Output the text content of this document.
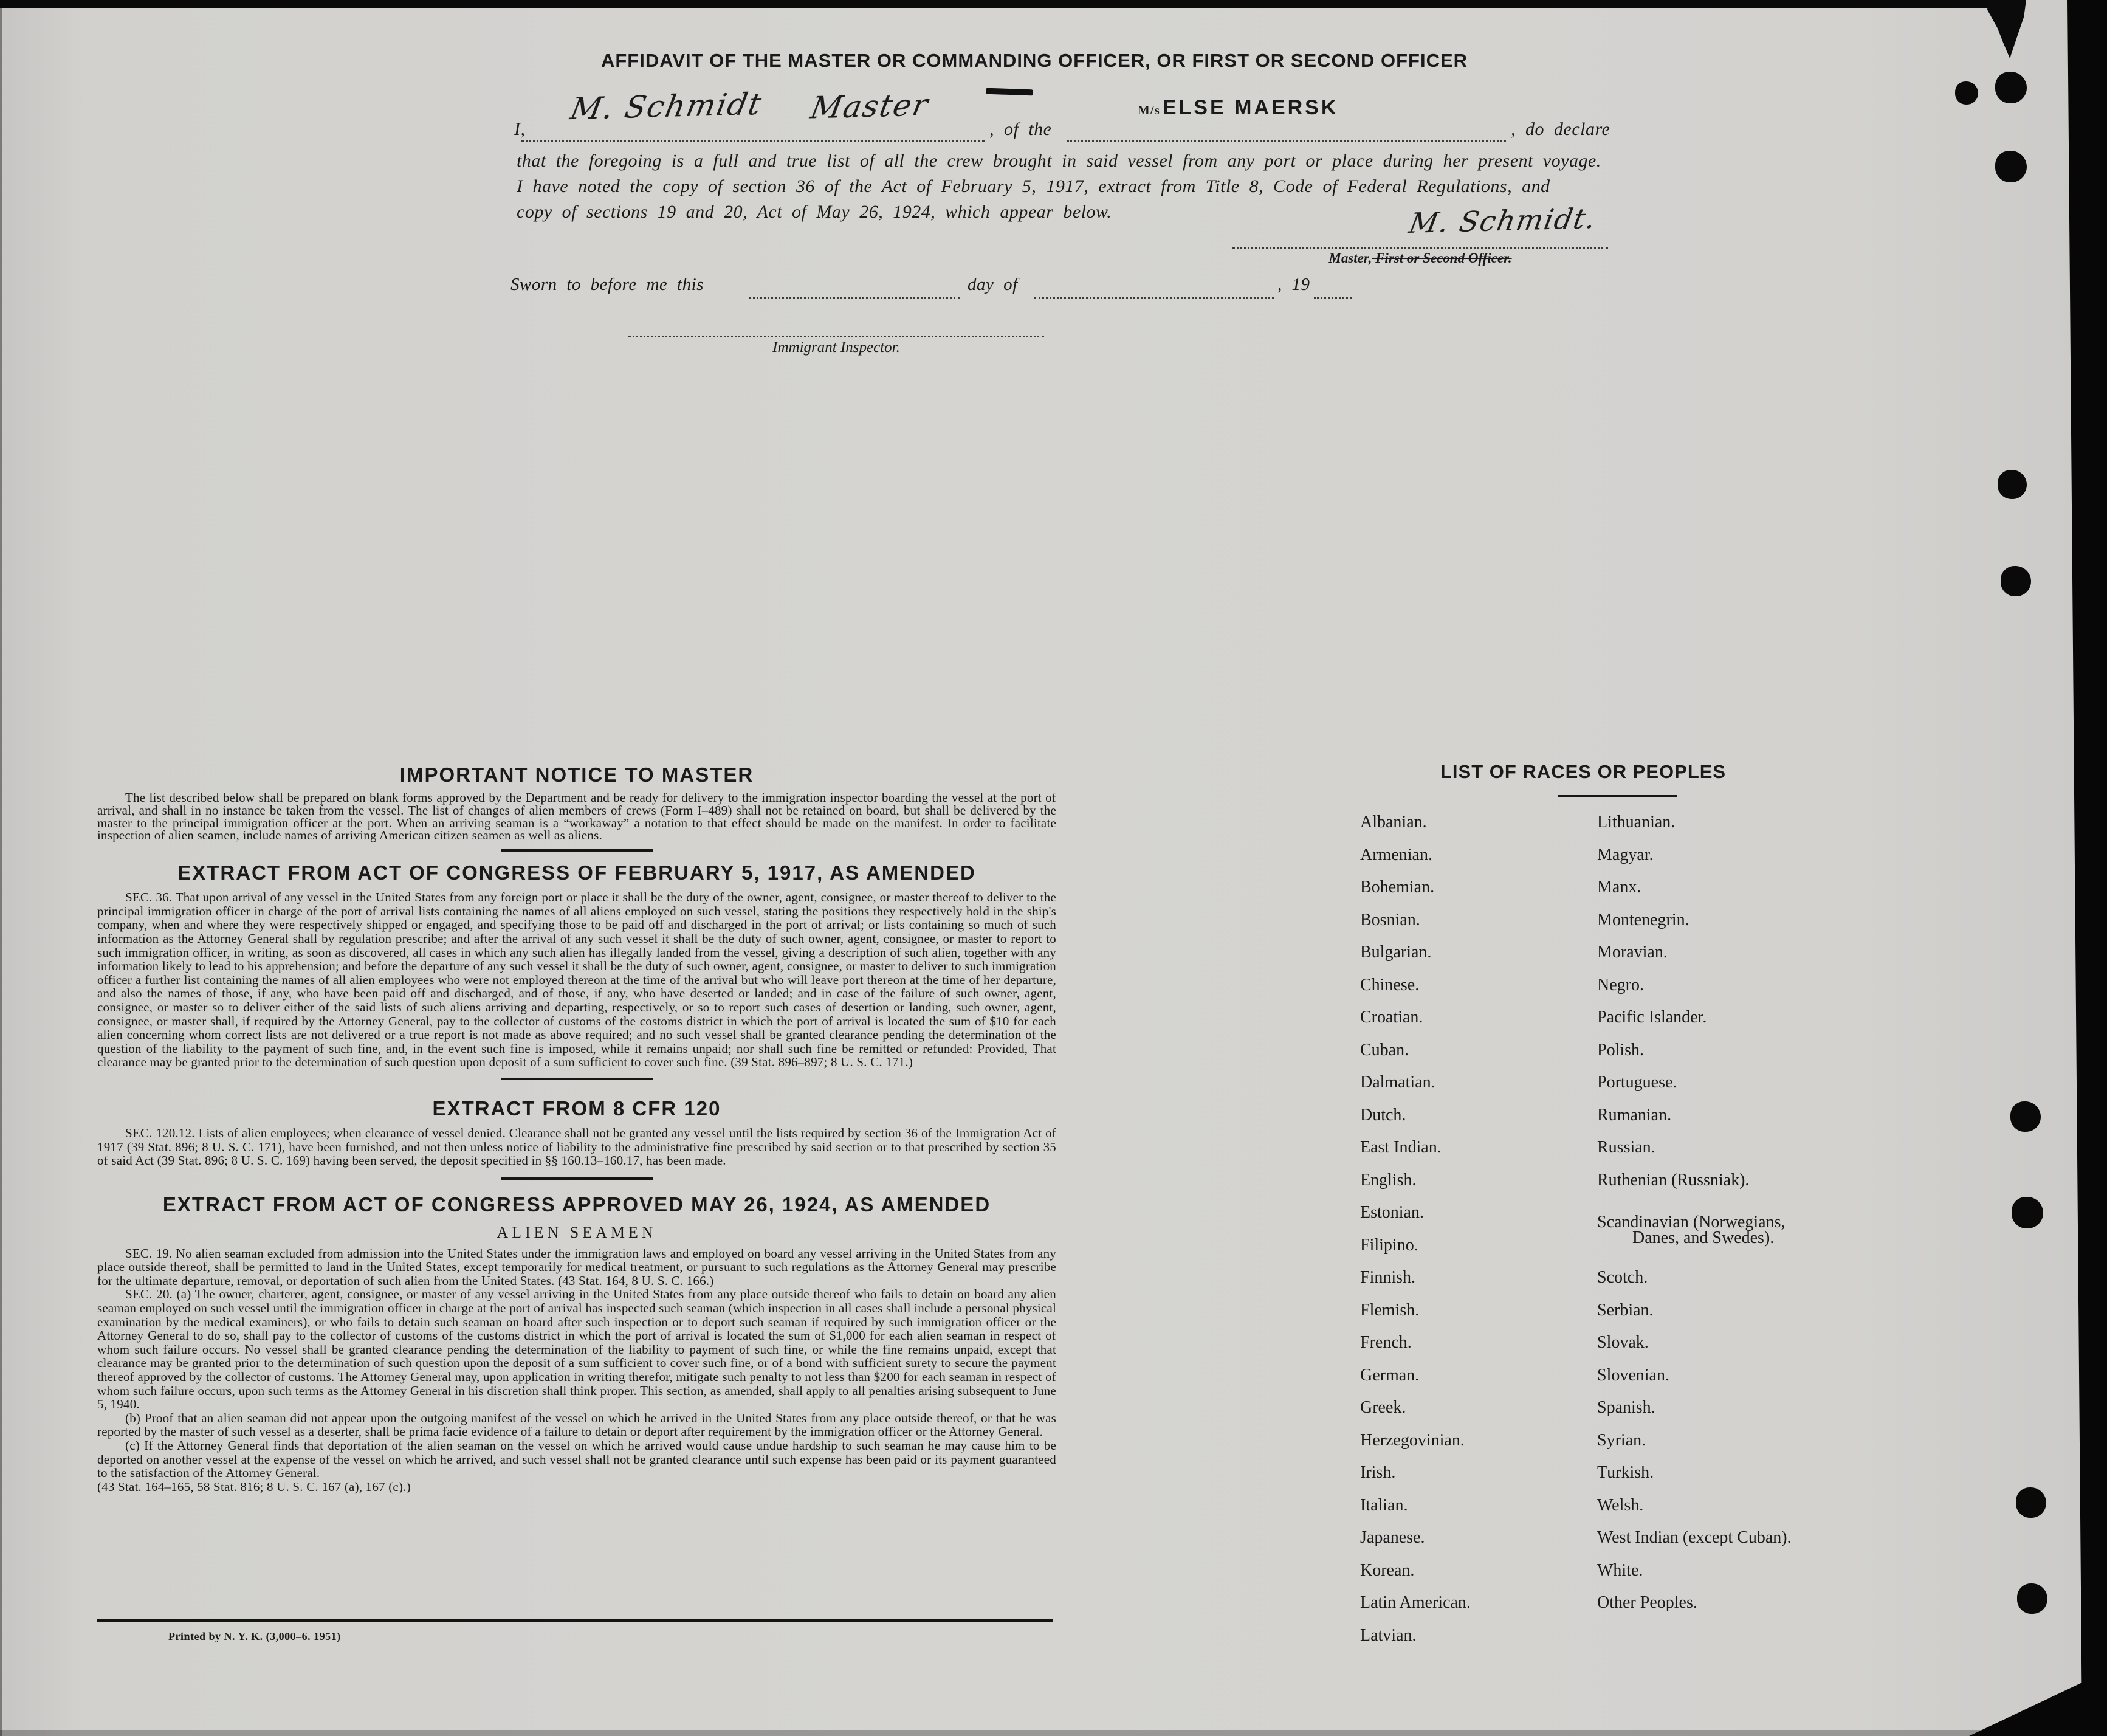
AFFIDAVIT OF THE MASTER OR COMMANDING OFFICER, OR FIRST OR SECOND OFFICER
I,
M. Schmidt Master
, of the
M/s ELSE MAERSK
, do declare
that the foregoing is a full and true list of all the crew brought in said vessel from any port or place during her present voyage.
I have noted the copy of section 36 of the Act of February 5, 1917, extract from Title 8, Code of Federal Regulations, and
copy of sections 19 and 20, Act of May 26, 1924, which appear below.	M. Schmidt.
Master, First or Second Officer.
Sworn to before me this	day of	, 19
Immigrant Inspector.
IMPORTANT NOTICE TO MASTER

The list described below shall be prepared on blank forms approved by the Department and be ready for delivery to the immigration inspector boarding the vessel at the port of arrival, and shall in no instance be taken from the vessel. The list of changes of alien members of crews (Form I–489) shall not be retained on board, but shall be delivered by the master to the principal immigration officer at the port. When an arriving seaman is a “workaway” a notation to that effect should be made on the manifest. In order to facilitate inspection of alien seamen, include names of arriving American citizen seamen as well as aliens.

EXTRACT FROM ACT OF CONGRESS OF FEBRUARY 5, 1917, AS AMENDED

SEC. 36. That upon arrival of any vessel in the United States from any foreign port or place it shall be the duty of the owner, agent, consignee, or master thereof to deliver to the principal immigration officer in charge of the port of arrival lists containing the names of all aliens employed on such vessel, stating the positions they respectively hold in the ship's company, when and where they were respectively shipped or engaged, and specifying those to be paid off and discharged in the port of arrival; or lists containing so much of such information as the Attorney General shall by regulation prescribe; and after the arrival of any such vessel it shall be the duty of such owner, agent, consignee, or master to report to such immigration officer, in writing, as soon as discovered, all cases in which any such alien has illegally landed from the vessel, giving a description of such alien, together with any information likely to lead to his apprehension; and before the departure of any such vessel it shall be the duty of such owner, agent, consignee, or master to deliver to such immigration officer a further list containing the names of all alien employees who were not employed thereon at the time of the arrival but who will leave port thereon at the time of her departure, and also the names of those, if any, who have been paid off and discharged, and of those, if any, who have deserted or landed; and in case of the failure of such owner, agent, consignee, or master so to deliver either of the said lists of such aliens arriving and departing, respectively, or so to report such cases of desertion or landing, such owner, agent, consignee, or master shall, if required by the Attorney General, pay to the collector of customs of the costoms district in which the port of arrival is located the sum of $10 for each alien concerning whom correct lists are not delivered or a true report is not made as above required; and no such vessel shall be granted clearance pending the determination of the question of the liability to the payment of such fine, and, in the event such fine is imposed, while it remains unpaid; nor shall such fine be remitted or refunded: Provided, That clearance may be granted prior to the determination of such question upon deposit of a sum sufficient to cover such fine. (39 Stat. 896–897; 8 U. S. C. 171.)

EXTRACT FROM 8 CFR 120

SEC. 120.12. Lists of alien employees; when clearance of vessel denied. Clearance shall not be granted any vessel until the lists required by section 36 of the Immigration Act of 1917 (39 Stat. 896; 8 U. S. C. 171), have been furnished, and not then unless notice of liability to the administrative fine prescribed by said section or to that prescribed by section 35 of said Act (39 Stat. 896; 8 U. S. C. 169) having been served, the deposit specified in §§ 160.13–160.17, has been made.

EXTRACT FROM ACT OF CONGRESS APPROVED MAY 26, 1924, AS AMENDED
ALIEN SEAMEN

SEC. 19. No alien seaman excluded from admission into the United States under the immigration laws and employed on board any vessel arriving in the United States from any place outside thereof, shall be permitted to land in the United States, except temporarily for medical treatment, or pursuant to such regulations as the Attorney General may prescribe for the ultimate departure, removal, or deportation of such alien from the United States. (43 Stat. 164, 8 U. S. C. 166.)

SEC. 20. (a) The owner, charterer, agent, consignee, or master of any vessel arriving in the United States from any place outside thereof who fails to detain on board any alien seaman employed on such vessel until the immigration officer in charge at the port of arrival has inspected such seaman (which inspection in all cases shall include a personal physical examination by the medical examiners), or who fails to detain such seaman on board after such inspection or to deport such seaman if required by such immigration officer or the Attorney General to do so, shall pay to the collector of customs of the customs district in which the port of arrival is located the sum of $1,000 for each alien seaman in respect of whom such failure occurs. No vessel shall be granted clearance pending the determination of the liability to payment of such fine, or while the fine remains unpaid, except that clearance may be granted prior to the determination of such question upon the deposit of a sum sufficient to cover such fine, or of a bond with sufficient surety to secure the payment thereof approved by the collector of customs. The Attorney General may, upon application in writing therefor, mitigate such penalty to not less than $200 for each seaman in respect of whom such failure occurs, upon such terms as the Attorney General in his discretion shall think proper. This section, as amended, shall apply to all penalties arising subsequent to June 5, 1940.

(b) Proof that an alien seaman did not appear upon the outgoing manifest of the vessel on which he arrived in the United States from any place outside thereof, or that he was reported by the master of such vessel as a deserter, shall be prima facie evidence of a failure to detain or deport after requirement by the immigration officer or the Attorney General.

(c) If the Attorney General finds that deportation of the alien seaman on the vessel on which he arrived would cause undue hardship to such seaman he may cause him to be deported on another vessel at the expense of the vessel on which he arrived, and such vessel shall not be granted clearance until such expense has been paid or its payment guaranteed to the satisfaction of the Attorney General.

(43 Stat. 164–165, 58 Stat. 816; 8 U. S. C. 167 (a), 167 (c).)

Printed by N. Y. K. (3,000–6. 1951)
LIST OF RACES OR PEOPLES
Albanian.
Armenian.
Bohemian.
Bosnian.
Bulgarian.
Chinese.
Croatian.
Cuban.
Dalmatian.
Dutch.
East Indian.
English.
Estonian.
Filipino.
Finnish.
Flemish.
French.
German.
Greek.
Herzegovinian.
Irish.
Italian.
Japanese.
Korean.
Latin American.
Latvian.
Lithuanian.
Magyar.
Manx.
Montenegrin.
Moravian.
Negro.
Pacific Islander.
Polish.
Portuguese.
Rumanian.
Russian.
Ruthenian (Russniak).
Scandinavian (Norwegians,
Danes, and Swedes).
Scotch.
Serbian.
Slovak.
Slovenian.
Spanish.
Syrian.
Turkish.
Welsh.
West Indian (except Cuban).
White.
Other Peoples.
